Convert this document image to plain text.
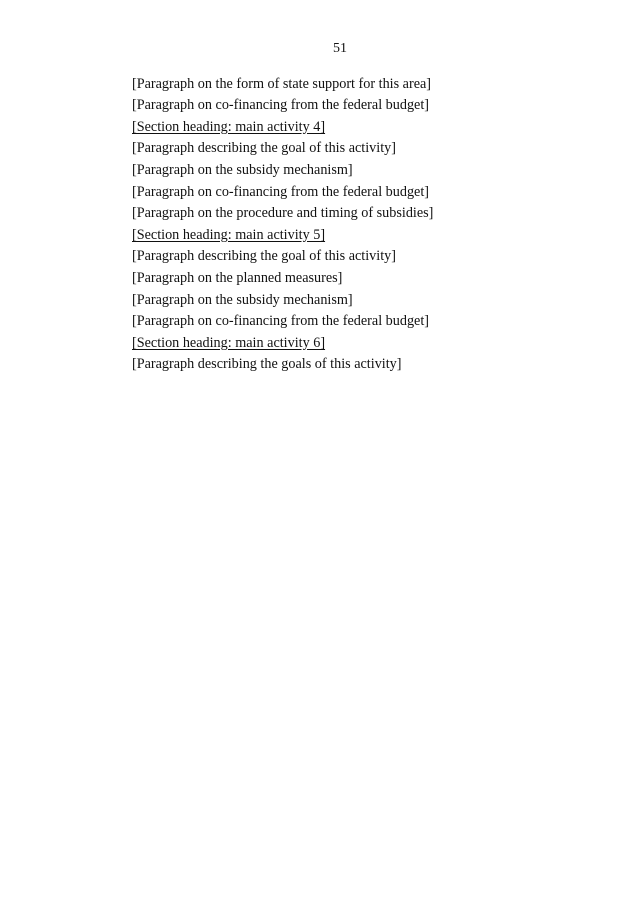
51

[Paragraph on the form of state support for this area]

[Paragraph on co-financing from the federal budget]

[Section heading: main activity 4]

[Paragraph describing the goal of this activity]

[Paragraph on the subsidy mechanism]

[Paragraph on co-financing from the federal budget]

[Paragraph on the procedure and timing of subsidies]

[Section heading: main activity 5]

[Paragraph describing the goal of this activity]

[Paragraph on the planned measures]

[Paragraph on the subsidy mechanism]

[Paragraph on co-financing from the federal budget]

[Section heading: main activity 6]

[Paragraph describing the goals of this activity]
